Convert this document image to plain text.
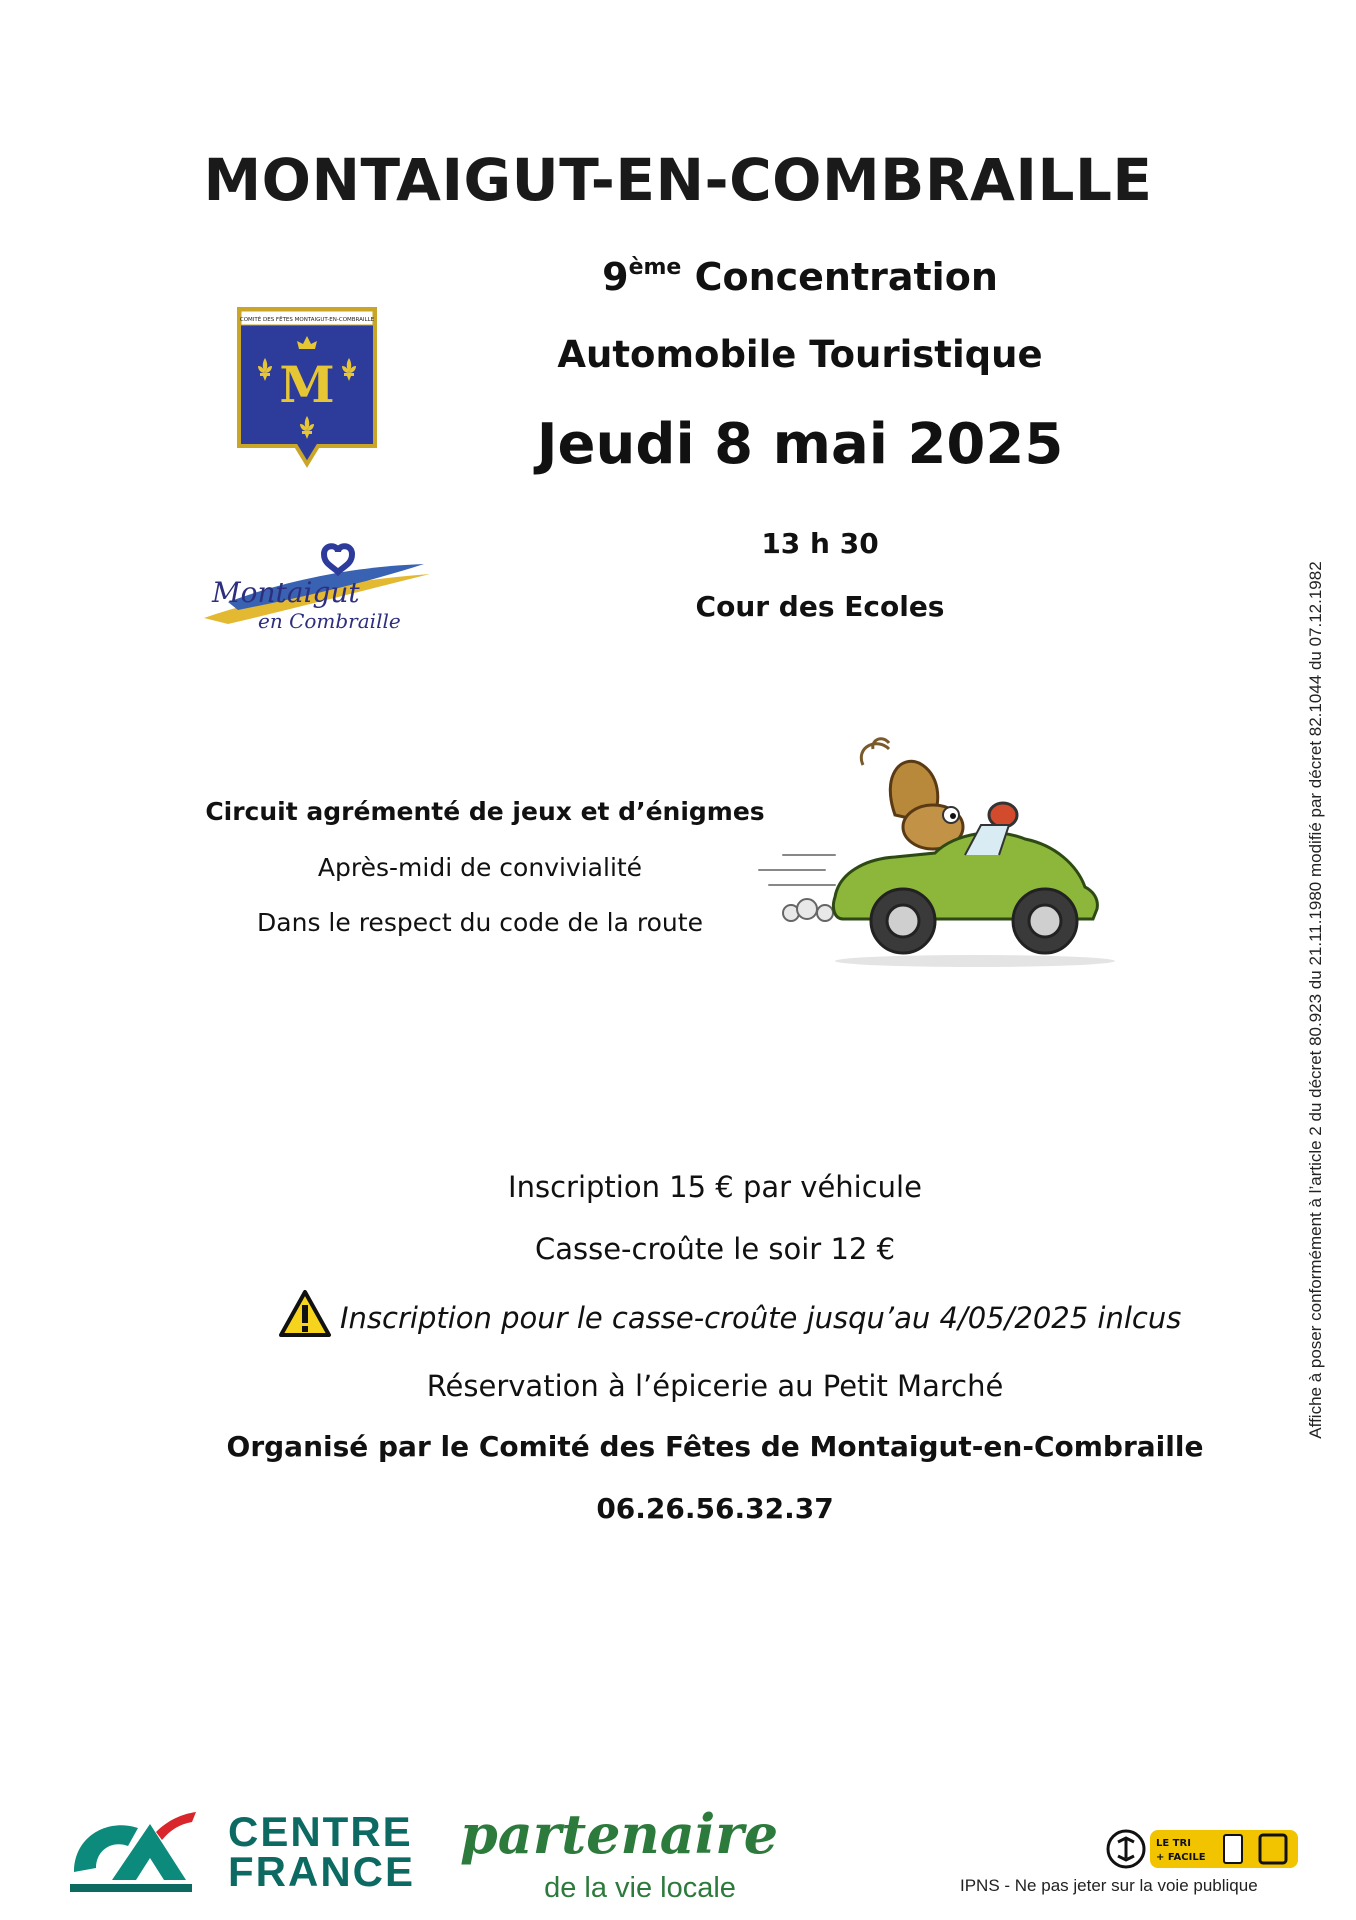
MONTAIGUT-EN-COMBRAILLE
9ème Concentration
Automobile Touristique
Jeudi 8 mai 2025
13 h 30
Cour des Ecoles
COMITÉ DES FÊTES MONTAIGUT-EN-COMBRAILLE
M
Montaigut
en Combraille
Circuit agrémenté de jeux et d’énigmes
Après-midi de convivialité
Dans le respect du code de la route
Inscription 15 € par véhicule
Casse-croûte le soir 12 €
Inscription pour le casse-croûte jusqu’au 4/05/2025 inlcus
Réservation à l’épicerie au Petit Marché
Organisé par le Comité des Fêtes de Montaigut-en-Combraille
06.26.56.32.37
Affiche à poser conformément à l’article 2 du décret 80.923 du 21.11.1980 modifié par décret 82.1044 du 07.12.1982
CENTRE
FRANCE
partenaire
de la vie locale
LE TRI
+ FACILE
IPNS - Ne pas jeter sur la voie publique
